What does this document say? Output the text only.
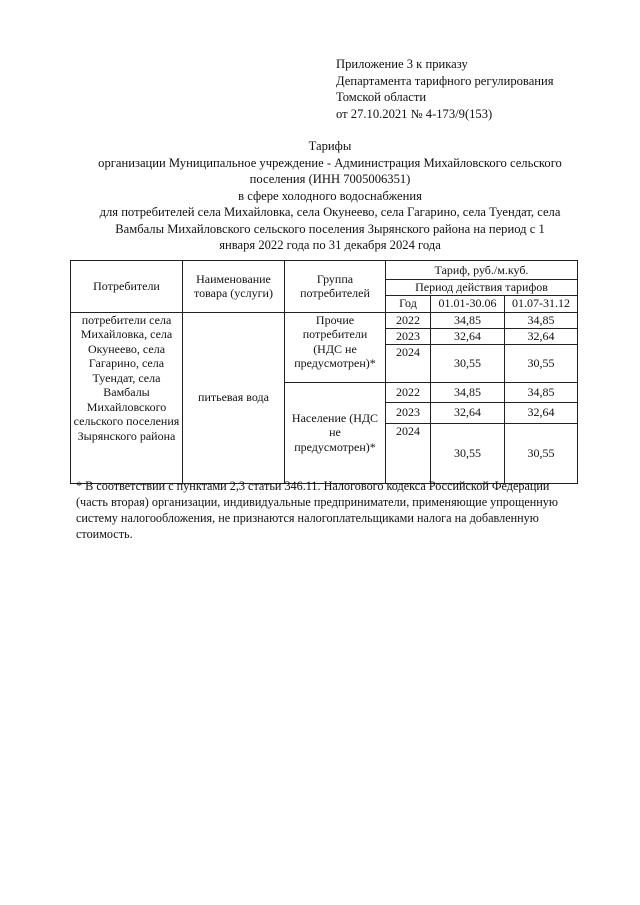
Приложение 3 к приказу
Департамента тарифного регулирования
Томской области
от 27.10.2021 № 4-173/9(153)
Тарифы
организации Муниципальное учреждение - Администрация Михайловского сельского
поселения (ИНН 7005006351)
в сфере холодного водоснабжения
для потребителей села Михайловка, села Окунеево, села Гагарино, села Туендат, села
Вамбалы Михайловского сельского поселения Зырянского района на период с 1
января 2022 года по 31 декабря 2024 года
Потребители	Наименование товара (услуги)	Группа потребителей	Тариф, руб./м.куб.		
			Период действия тарифов		
			Год	01.01-30.06	01.07-31.12
потребители села Михайловка, села Окунеево, села Гагарино, села Туендат, села Вамбалы Михайловского сельского поселения Зырянского района	питьевая вода	Прочие потребители (НДС не предусмотрен)*	2022	34,85	34,85
			2023	32,64	32,64
			2024	30,55	30,55
		Население (НДС не предусмотрен)*	2022	34,85	34,85
			2023	32,64	32,64
			2024	30,55	30,55
* В соответствии с пунктами 2,3 статьи 346.11. Налогового кодекса Российской Федерации (часть вторая) организации, индивидуальные предприниматели, применяющие упрощенную систему налогообложения, не признаются налогоплательщиками налога на добавленную стоимость.
